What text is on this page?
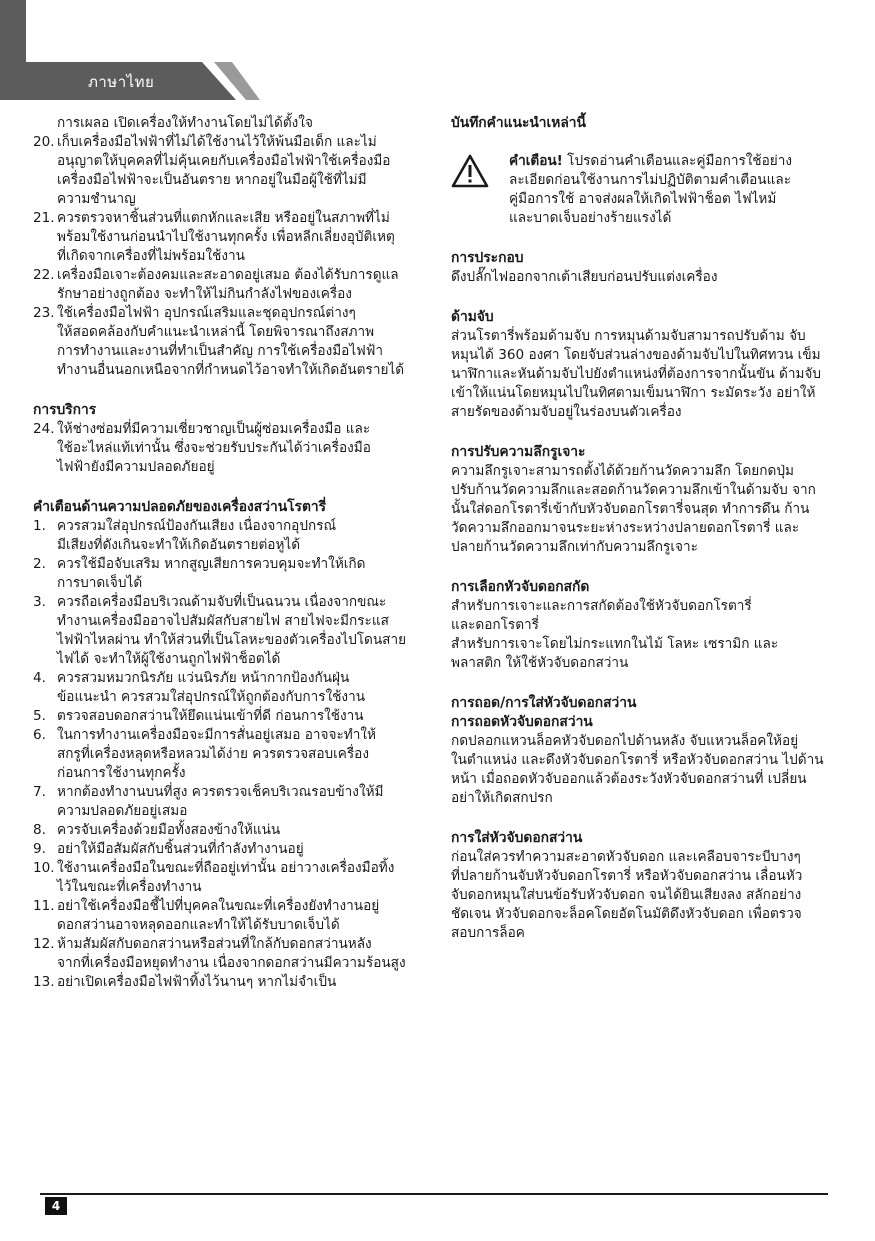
ภาษาไทย

การเผลอ เปิดเครื่องให้ทำงานโดยไม่ได้ตั้งใจ

20. เก็บเครื่องมือไฟฟ้าที่ไม่ได้ใช้งานไว้ให้พ้นมือเด็ก และไม่
อนุญาตให้บุคคลที่ไม่คุ้นเคยกับเครื่องมือไฟฟ้าใช้เครื่องมือ
เครื่องมือไฟฟ้าจะเป็นอันตราย หากอยู่ในมือผู้ใช้ที่ไม่มี
ความชำนาญ
21. ควรตรวจหาชิ้นส่วนที่แตกหักและเสีย หรืออยู่ในสภาพที่ไม่
พร้อมใช้งานก่อนนำไปใช้งานทุกครั้ง เพื่อหลีกเลี่ยงอุบัติเหตุ
ที่เกิดจากเครื่องที่ไม่พร้อมใช้งาน
22. เครื่องมือเจาะต้องคมและสะอาดอยู่เสมอ ต้องได้รับการดูแล
รักษาอย่างถูกต้อง จะทำให้ไม่กินกำลังไฟของเครื่อง
23. ใช้เครื่องมือไฟฟ้า อุปกรณ์เสริมและชุดอุปกรณ์ต่างๆ
ให้สอดคล้องกับคำแนะนำเหล่านี้ โดยพิจารณาถึงสภาพ
การทำงานและงานที่ทำเป็นสำคัญ การใช้เครื่องมือไฟฟ้า
ทำงานอื่นนอกเหนือจากที่กำหนดไว้อาจทำให้เกิดอันตรายได้

การบริการ

24. ให้ช่างซ่อมที่มีความเชี่ยวชาญเป็นผู้ซ่อมเครื่องมือ และ
ใช้อะไหล่แท้เท่านั้น ซึ่งจะช่วยรับประกันได้ว่าเครื่องมือ
ไฟฟ้ายังมีความปลอดภัยอยู่

คำเตือนด้านความปลอดภัยของเครื่องสว่านโรตารี่

1. ควรสวมใส่อุปกรณ์ป้องกันเสียง เนื่องจากอุปกรณ์
มีเสียงที่ดังเกินจะทำให้เกิดอันตรายต่อหูได้
2. ควรใช้มือจับเสริม หากสูญเสียการควบคุมจะทำให้เกิด
การบาดเจ็บได้
3. ควรถือเครื่องมือบริเวณด้ามจับที่เป็นฉนวน เนื่องจากขณะ
ทำงานเครื่องมืออาจไปสัมผัสกับสายไฟ สายไฟจะมีกระแส
ไฟฟ้าไหลผ่าน ทำให้ส่วนที่เป็นโลหะของตัวเครื่องไปโดนสาย
ไฟได้ จะทำให้ผู้ใช้งานถูกไฟฟ้าช็อตได้
4. ควรสวมหมวกนิรภัย แว่นนิรภัย หน้ากากป้องกันฝุ่น
ข้อแนะนำ ควรสวมใส่อุปกรณ์ให้ถูกต้องกับการใช้งาน
5. ตรวจสอบดอกสว่านให้ยึดแน่นเข้าที่ดี ก่อนการใช้งาน
6. ในการทำงานเครื่องมือจะมีการสั่นอยู่เสมอ อาจจะทำให้
สกรูที่เครื่องหลุดหรือหลวมได้ง่าย ควรตรวจสอบเครื่อง
ก่อนการใช้งานทุกครั้ง
7. หากต้องทำงานบนที่สูง ควรตรวจเช็คบริเวณรอบข้างให้มี
ความปลอดภัยอยู่เสมอ
8. ควรจับเครื่องด้วยมือทั้งสองข้างให้แน่น
9. อย่าให้มือสัมผัสกับชิ้นส่วนที่กำลังทำงานอยู่
10. ใช้งานเครื่องมือในขณะที่ถืออยู่เท่านั้น อย่าวางเครื่องมือทิ้ง
ไว้ในขณะที่เครื่องทำงาน
11. อย่าใช้เครื่องมือชี้ไปที่บุคคลในขณะที่เครื่องยังทำงานอยู่
ดอกสว่านอาจหลุดออกและทำให้ได้รับบาดเจ็บได้
12. ห้ามสัมผัสกับดอกสว่านหรือส่วนที่ใกล้กับดอกสว่านหลัง
จากที่เครื่องมือหยุดทำงาน เนื่องจากดอกสว่านมีความร้อนสูง
13. อย่าเปิดเครื่องมือไฟฟ้าทิ้งไว้นานๆ หากไม่จำเป็น

บันทึกคำแนะนำเหล่านี้

คำเตือน! โปรดอ่านคำเตือนและคู่มือการใช้อย่าง
ละเอียดก่อนใช้งานการไม่ปฏิบัติตามคำเตือนและ
คู่มือการใช้ อาจส่งผลให้เกิดไฟฟ้าช็อต ไฟไหม้
และบาดเจ็บอย่างร้ายแรงได้

การประกอบ

ดึงปลั๊กไฟออกจากเต้าเสียบก่อนปรับแต่งเครื่อง

ด้ามจับ

ส่วนโรตารี่พร้อมด้ามจับ การหมุนด้ามจับสามารถปรับด้าม จับ
หมุนได้ 360 องศา โดยจับส่วนล่างของด้ามจับไปในทิศทวน เข็ม
นาฬิกาและหันด้ามจับไปยังตำแหน่งที่ต้องการจากนั้นขัน ด้ามจับ
เข้าให้แน่นโดยหมุนไปในทิศตามเข็มนาฬิกา ระมัดระวัง อย่าให้
สายรัดของด้ามจับอยู่ในร่องบนตัวเครื่อง

การปรับความลึกรูเจาะ

ความลึกรูเจาะสามารถตั้งได้ด้วยก้านวัดความลึก โดยกดปุ่ม
ปรับก้านวัดความลึกและสอดก้านวัดความลึกเข้าในด้ามจับ จาก
นั้นใส่ดอกโรตารี่เข้ากับหัวจับดอกโรตารี่จนสุด ทำการดึน ก้าน
วัดความลึกออกมาจนระยะห่างระหว่างปลายดอกโรตารี่ และ
ปลายก้านวัดความลึกเท่ากับความลึกรูเจาะ

การเลือกหัวจับดอกสกัด

สำหรับการเจาะและการสกัดต้องใช้หัวจับดอกโรตารี่
และดอกโรตารี่
สำหรับการเจาะโดยไม่กระแทกในไม้ โลหะ เซรามิก และ
พลาสติก ให้ใช้หัวจับดอกสว่าน

การถอด/การใส่หัวจับดอกสว่าน

การถอดหัวจับดอกสว่าน

กดปลอกแหวนล็อคหัวจับดอกไปด้านหลัง จับแหวนล็อคให้อยู่
ในตำแหน่ง และดึงหัวจับดอกโรตารี่ หรือหัวจับดอกสว่าน ไปด้าน
หน้า เมื่อถอดหัวจับออกแล้วต้องระวังหัวจับดอกสว่านที่ เปลี่ยน
อย่าให้เกิดสกปรก

การใส่หัวจับดอกสว่าน

ก่อนใส่ควรทำความสะอาดหัวจับดอก และเคลือบจาระบีบางๆ
ที่ปลายก้านจับหัวจับดอกโรตารี่ หรือหัวจับดอกสว่าน เลื่อนหัว
จับดอกหมุนใส่บนข้อรับหัวจับดอก จนได้ยินเสียงลง สลักอย่าง
ชัดเจน หัวจับดอกจะล็อคโดยอัตโนมัติดึงหัวจับดอก เพื่อตรวจ
สอบการล็อค

4
